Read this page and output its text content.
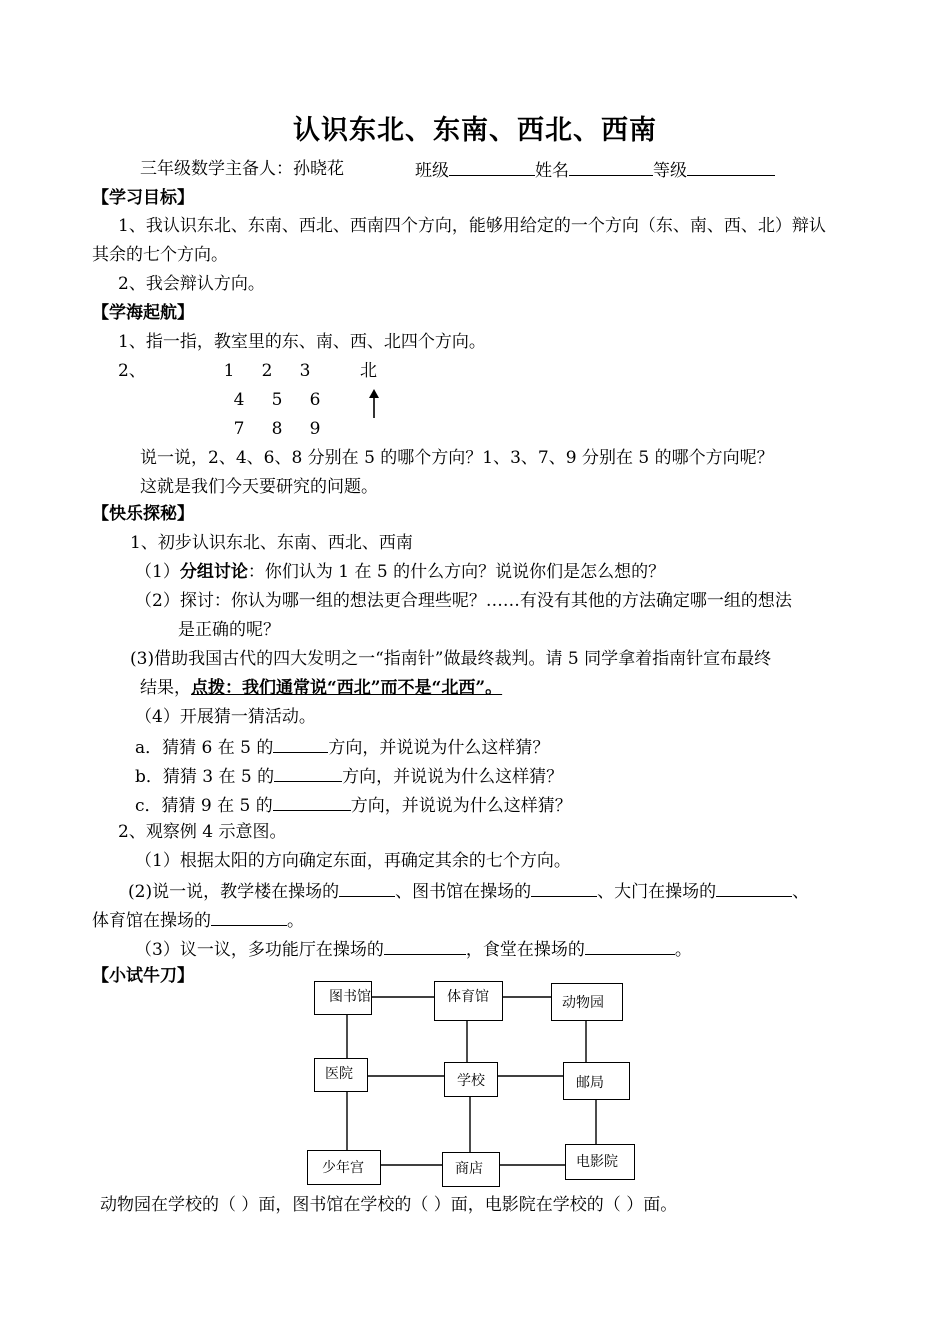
认识东北、东南、西北、西南
三年级数学主备人：孙晓花	班级	姓名	等级
【学习目标】
1、我认识东北、东南、西北、西南四个方向，能够用给定的一个方向（东、南、西、北）辩认
其余的七个方向。
2、我会辩认方向。
【学海起航】
1、指一指，教室里的东、南、西、北四个方向。
2、	1 2 3
4 5 6
7 8 9
北
说一说，2、4、6、8 分别在 5 的哪个方向？1、3、7、9 分别在 5 的哪个方向呢？
这就是我们今天要研究的问题。
【快乐探秘】
1、初步认识东北、东南、西北、西南
（1）分组讨论：你们认为 1 在 5 的什么方向？说说你们是怎么想的？
（2）探讨：你认为哪一组的想法更合理些呢？……有没有其他的方法确定哪一组的想法
是正确的呢？
(3)借助我国古代的四大发明之一“指南针”做最终裁判。请 5 同学拿着指南针宣布最终
结果，点拨：我们通常说“西北”而不是“北西”。
（4）开展猜一猜活动。
a．猜猜 6 在 5 的	方向，并说说为什么这样猜？
b．猜猜 3 在 5 的	方向，并说说为什么这样猜？
c．猜猜 9 在 5 的	方向，并说说为什么这样猜？
2、观察例 4 示意图。
（1）根据太阳的方向确定东面，再确定其余的七个方向。
(2)说一说，教学楼在操场的	、图书馆在操场的	、大门在操场的	、
体育馆在操场的	。
（3）议一议，多功能厅在操场的	，食堂在操场的	。
【小试牛刀】
图书馆	体育馆	动物园
医院	学校	邮局
少年宫	商店	电影院
动物园在学校的（ ）面，图书馆在学校的（ ）面，电影院在学校的（ ）面。
